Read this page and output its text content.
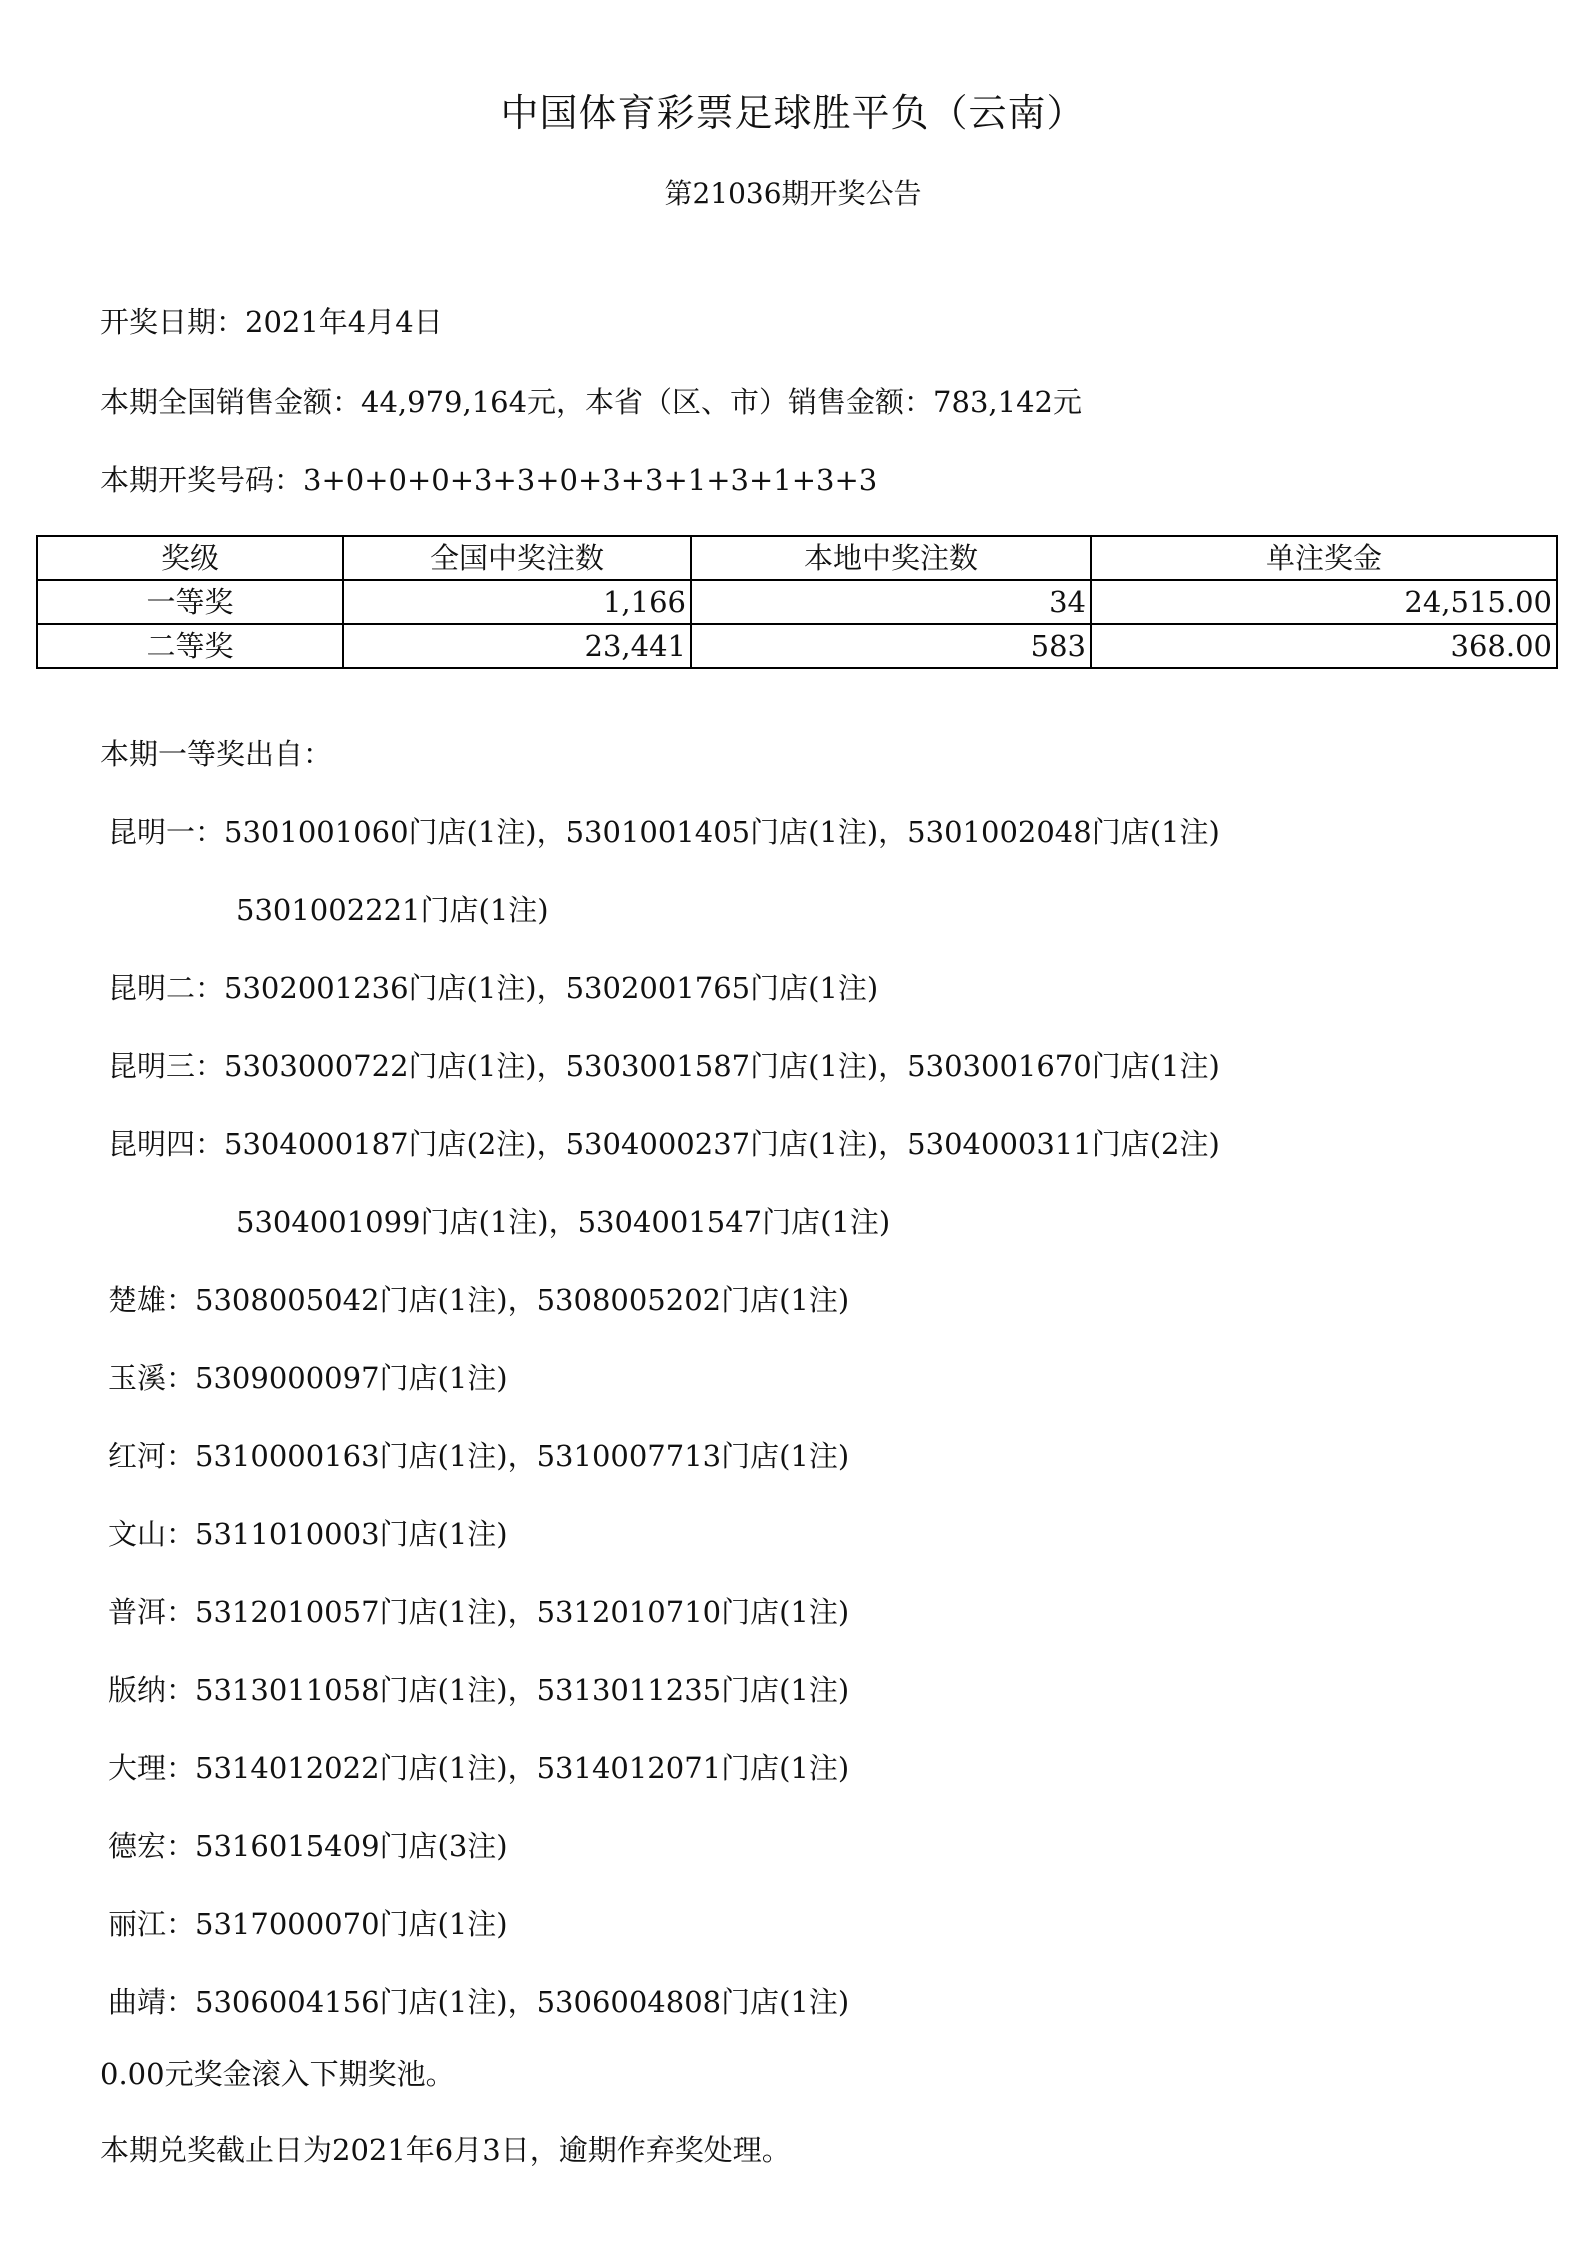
中国体育彩票足球胜平负（云南）
第21036期开奖公告
开奖日期：2021年4月4日
本期全国销售金额：44,979,164元，本省（区、市）销售金额：783,142元
本期开奖号码：3+0+0+0+3+3+0+3+3+1+3+1+3+3
奖级	全国中奖注数	本地中奖注数	单注奖金
一等奖	1,166	34	24,515.00
二等奖	23,441	583	368.00
本期一等奖出自：
昆明一：5301001060门店(1注)，5301001405门店(1注)，5301002048门店(1注)
5301002221门店(1注)
昆明二：5302001236门店(1注)，5302001765门店(1注)
昆明三：5303000722门店(1注)，5303001587门店(1注)，5303001670门店(1注)
昆明四：5304000187门店(2注)，5304000237门店(1注)，5304000311门店(2注)
5304001099门店(1注)，5304001547门店(1注)
楚雄：5308005042门店(1注)，5308005202门店(1注)
玉溪：5309000097门店(1注)
红河：5310000163门店(1注)，5310007713门店(1注)
文山：5311010003门店(1注)
普洱：5312010057门店(1注)，5312010710门店(1注)
版纳：5313011058门店(1注)，5313011235门店(1注)
大理：5314012022门店(1注)，5314012071门店(1注)
德宏：5316015409门店(3注)
丽江：5317000070门店(1注)
曲靖：5306004156门店(1注)，5306004808门店(1注)
0.00元奖金滚入下期奖池。
本期兑奖截止日为2021年6月3日，逾期作弃奖处理。
